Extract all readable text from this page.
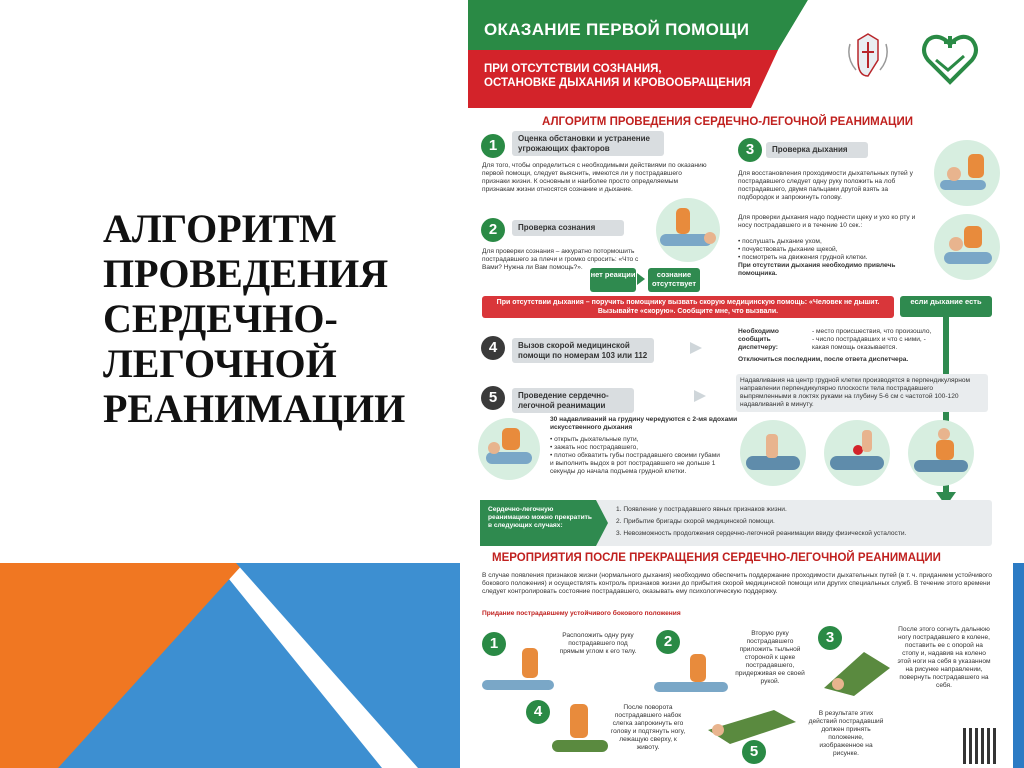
АЛГОРИТМ
ПРОВЕДЕНИЯ
СЕРДЕЧНО-
ЛЕГОЧНОЙ
РЕАНИМАЦИИ
ОКАЗАНИЕ ПЕРВОЙ ПОМОЩИ
ПРИ ОТСУТСТВИИ СОЗНАНИЯ,
ОСТАНОВКЕ ДЫХАНИЯ И КРОВООБРАЩЕНИЯ
АЛГОРИТМ ПРОВЕДЕНИЯ СЕРДЕЧНО-ЛЕГОЧНОЙ РЕАНИМАЦИИ
1	Оценка обстановки и устранение угрожающих факторов
Для того, чтобы определиться с необходимыми действиями по оказанию первой помощи, следует выяснить, имеются ли у пострадавшего признаки жизни. К основным и наиболее просто определяемым признакам жизни относятся сознание и дыхание.
2	Проверка сознания
Для проверки сознания – аккуратно потормошить пострадавшего за плечи и громко спросить: «Что с Вами? Нужна ли Вам помощь?».
нет реакции	сознание отсутствует
3	Проверка дыхания
Для восстановления проходимости дыхательных путей у пострадавшего следует одну руку положить на лоб пострадавшего, двумя пальцами другой взять за подбородок и запрокинуть голову.
Для проверки дыхания надо поднести щеку и ухо ко рту и носу пострадавшего и в течение 10 сек.:
• послушать дыхание ухом,
• почувствовать дыхание щекой,
• посмотреть на движения грудной клетки.
При отсутствии дыхания необходимо привлечь помощника.
При отсутствии дыхания – поручить помощнику вызвать скорую медицинскую помощь: «Человек не дышит. Вызывайте «скорую». Сообщите мне, что вызвали.
если дыхание есть
4	Вызов скорой медицинской помощи по номерам 103 или 112
Необходимо сообщить диспетчеру:
- место происшествия, что произошло, - число пострадавших и что с ними, - какая помощь оказывается.
Отключиться последним, после ответа диспетчера.
5	Проведение сердечно-легочной реанимации
Надавливания на центр грудной клетки производятся в перпендикулярном направлении перпендикулярно плоскости тела пострадавшего выпрямленными в локтях руками на глубину 5-6 см с частотой 100-120 надавливаний в минуту.
30 надавливаний на грудину чередуются с 2-мя вдохами искусственного дыхания
• открыть дыхательные пути,
• зажать нос пострадавшего,
• плотно обхватить губы пострадавшего своими губами и выполнить выдох в рот пострадавшего не дольше 1 секунды до начала подъема грудной клетки.
Сердечно-легочную реанимацию можно прекратить в следующих случаях:
1. Появление у пострадавшего явных признаков жизни.
2. Прибытие бригады скорой медицинской помощи.
3. Невозможность продолжения сердечно-легочной реанимации ввиду физической усталости.
МЕРОПРИЯТИЯ ПОСЛЕ ПРЕКРАЩЕНИЯ СЕРДЕЧНО-ЛЕГОЧНОЙ РЕАНИМАЦИИ
В случае появления признаков жизни (нормального дыхания) необходимо обеспечить поддержание проходимости дыхательных путей (в т. ч. приданием устойчивого бокового положения) и осуществлять контроль признаков жизни до прибытия скорой медицинской помощи или других специальных служб. В течение этого времени следует контролировать состояние пострадавшего, оказывать ему психологическую поддержку.
Придание пострадавшему устойчивого бокового положения
1	Расположить одну руку пострадавшего под прямым углом к его телу.
2	Вторую руку пострадавшего приложить тыльной стороной к щеке пострадавшего, придерживая ее своей рукой.
3	После этого согнуть дальнюю ногу пострадавшего в колене, поставить ее с опорой на стопу и, надавив на колено этой ноги на себя в указанном на рисунке направлении, повернуть пострадавшего на себя.
4	После поворота пострадавшего набок слегка запрокинуть его голову и подтянуть ногу, лежащую сверху, к животу.	5
В результате этих действий пострадавший должен принять положение, изображенное на рисунке.
